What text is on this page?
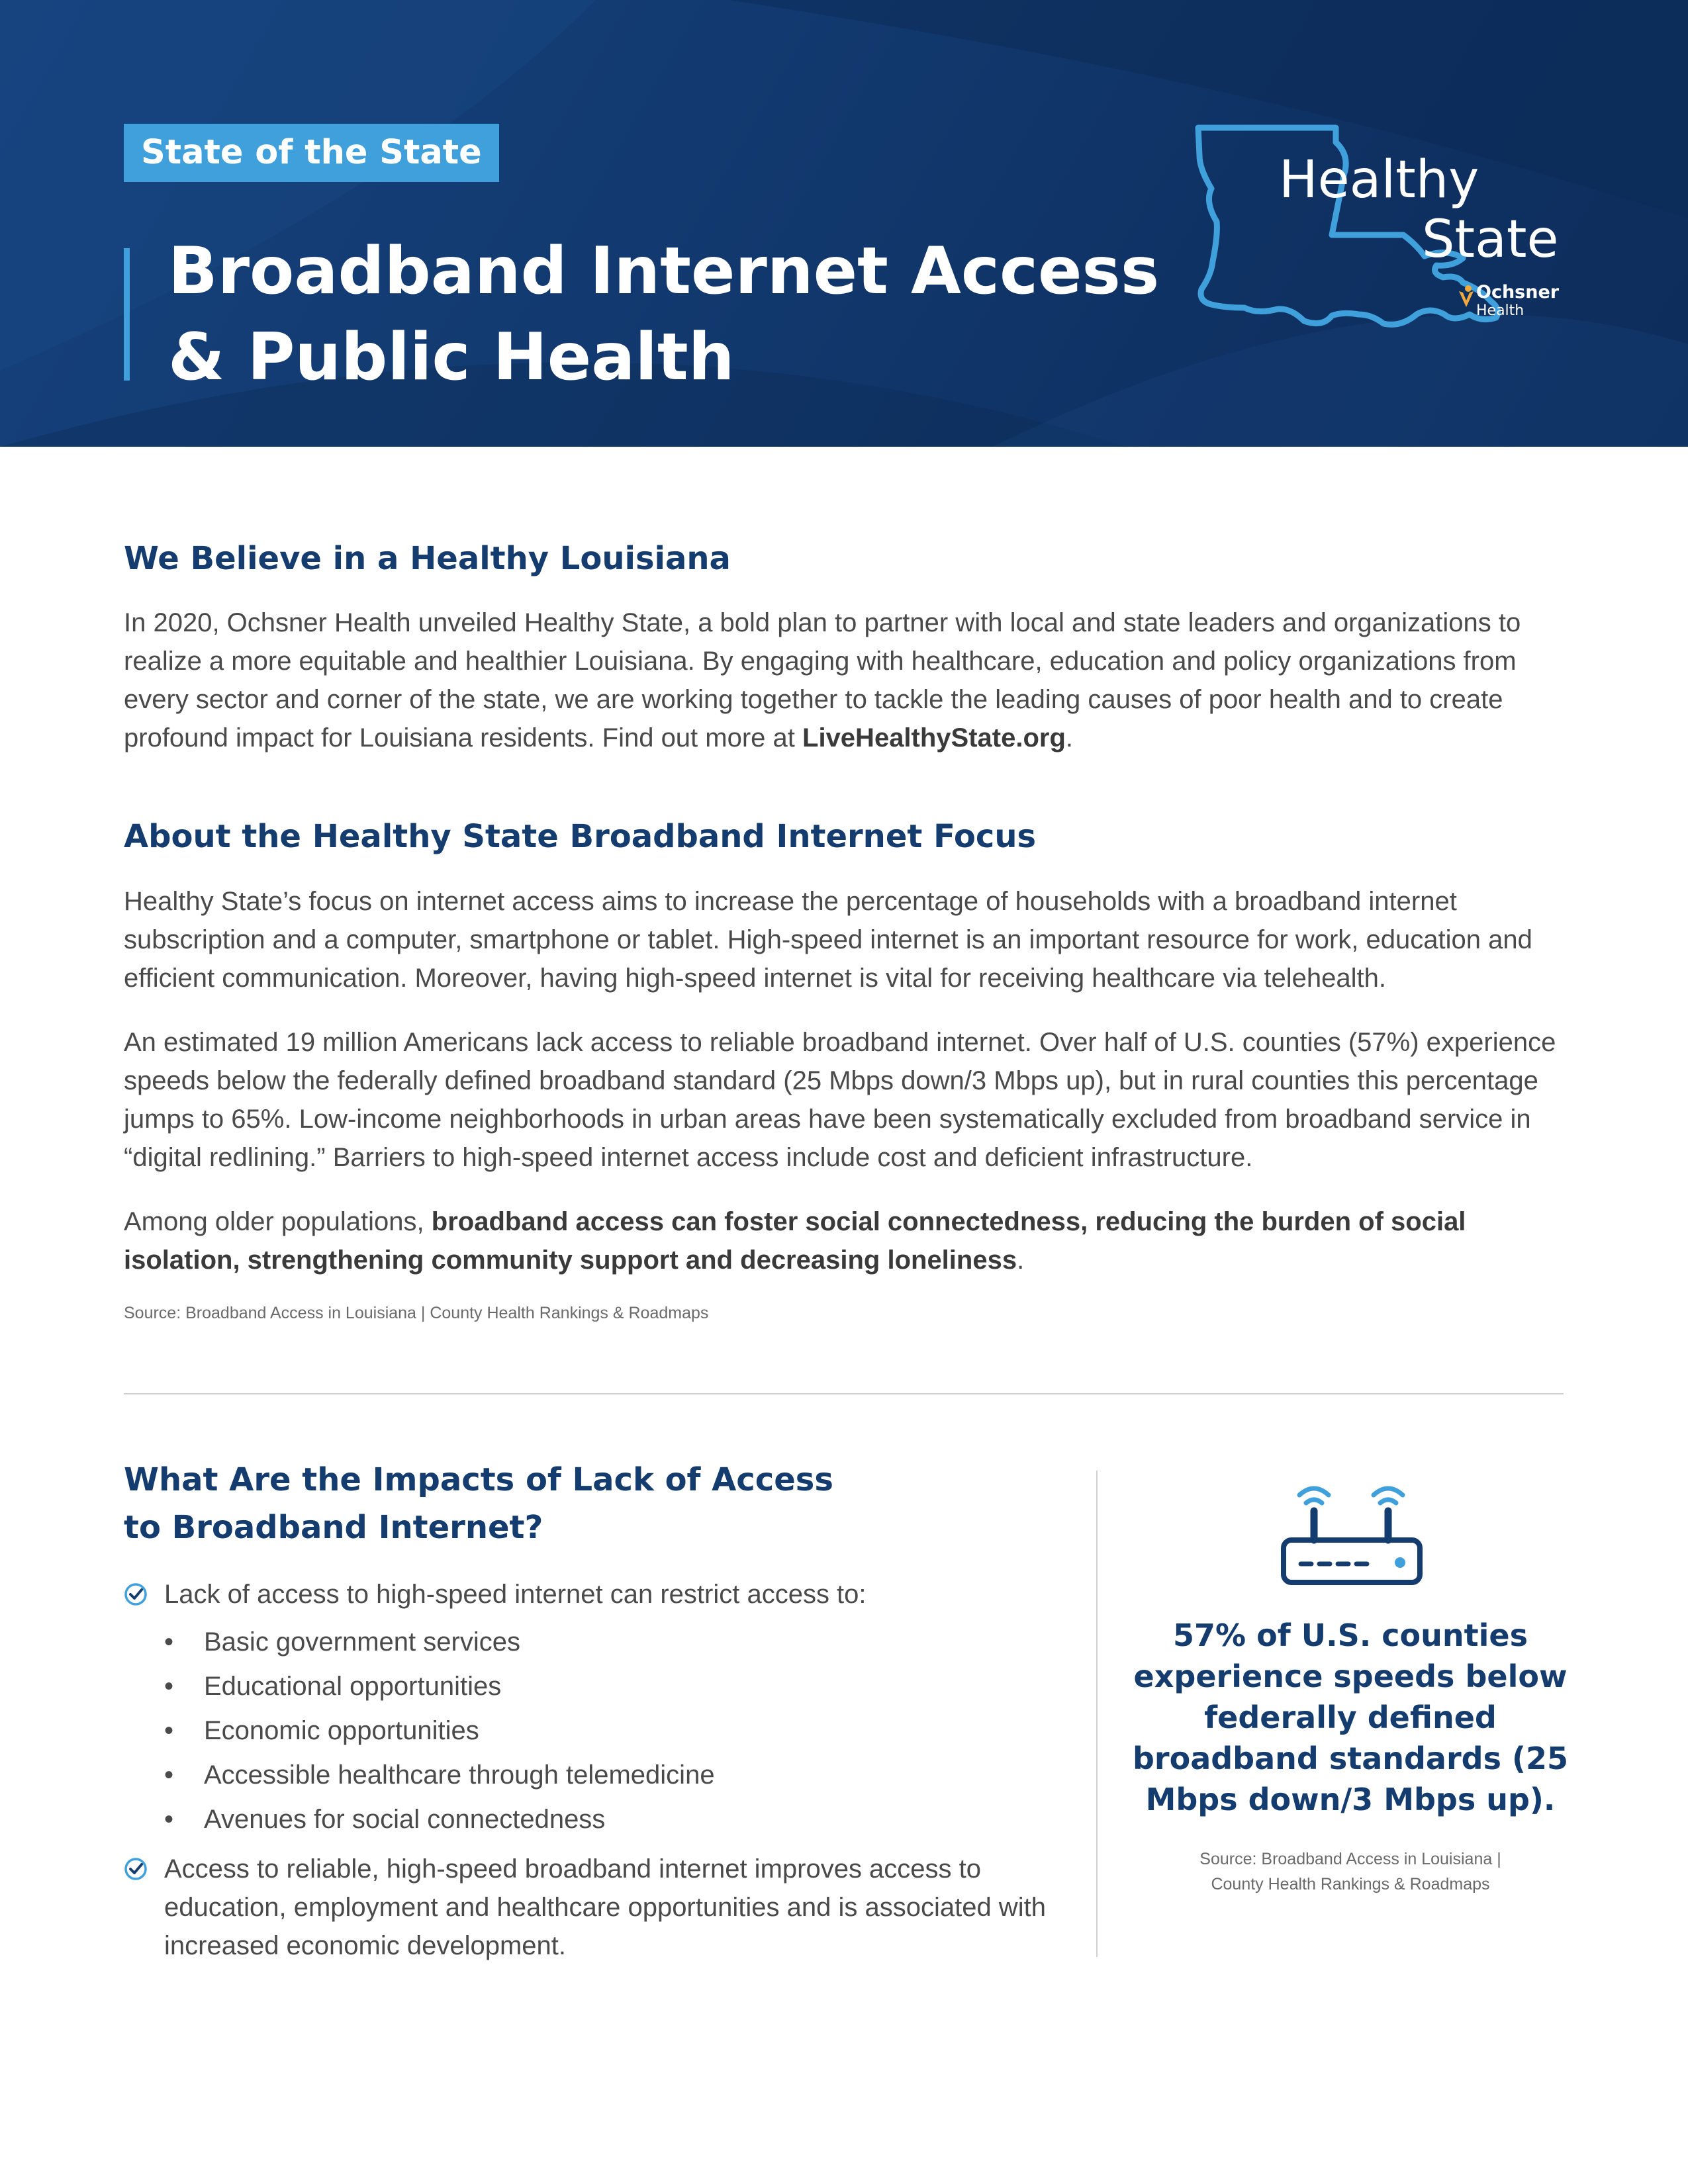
State of the State
Broadband Internet Access
& Public Health
Healthy
State
Ochsner
Health
We Believe in a Healthy Louisiana

In 2020, Ochsner Health unveiled Healthy State, a bold plan to partner with local and state leaders and organizations to realize a more equitable and healthier Louisiana. By engaging with healthcare, education and policy organizations from every sector and corner of the state, we are working together to tackle the leading causes of poor health and to create profound impact for Louisiana residents. Find out more at LiveHealthyState.org.

About the Healthy State Broadband Internet Focus

Healthy State’s focus on internet access aims to increase the percentage of households with a broadband internet subscription and a computer, smartphone or tablet. High-speed internet is an important resource for work, education and efficient communication. Moreover, having high-speed internet is vital for receiving healthcare via telehealth.

An estimated 19 million Americans lack access to reliable broadband internet. Over half of U.S. counties (57%) experience speeds below the federally defined broadband standard (25 Mbps down/3 Mbps up), but in rural counties this percentage jumps to 65%. Low-income neighborhoods in urban areas have been systematically excluded from broadband service in “digital redlining.” Barriers to high-speed internet access include cost and deficient infrastructure.

Among older populations, broadband access can foster social connectedness, reducing the burden of social isolation, strengthening community support and decreasing loneliness.

Source: Broadband Access in Louisiana | County Health Rankings & Roadmaps

What Are the Impacts of Lack of Access
to Broadband Internet?

Lack of access to high-speed internet can restrict access to:

• Basic government services
• Educational opportunities
• Economic opportunities
• Accessible healthcare through telemedicine
• Avenues for social connectedness

Access to reliable, high-speed broadband internet improves access to education, employment and healthcare opportunities and is associated with increased economic development.

57% of U.S. counties experience speeds below federally defined broadband standards (25 Mbps down/3 Mbps up).

Source: Broadband Access in Louisiana |
County Health Rankings & Roadmaps
